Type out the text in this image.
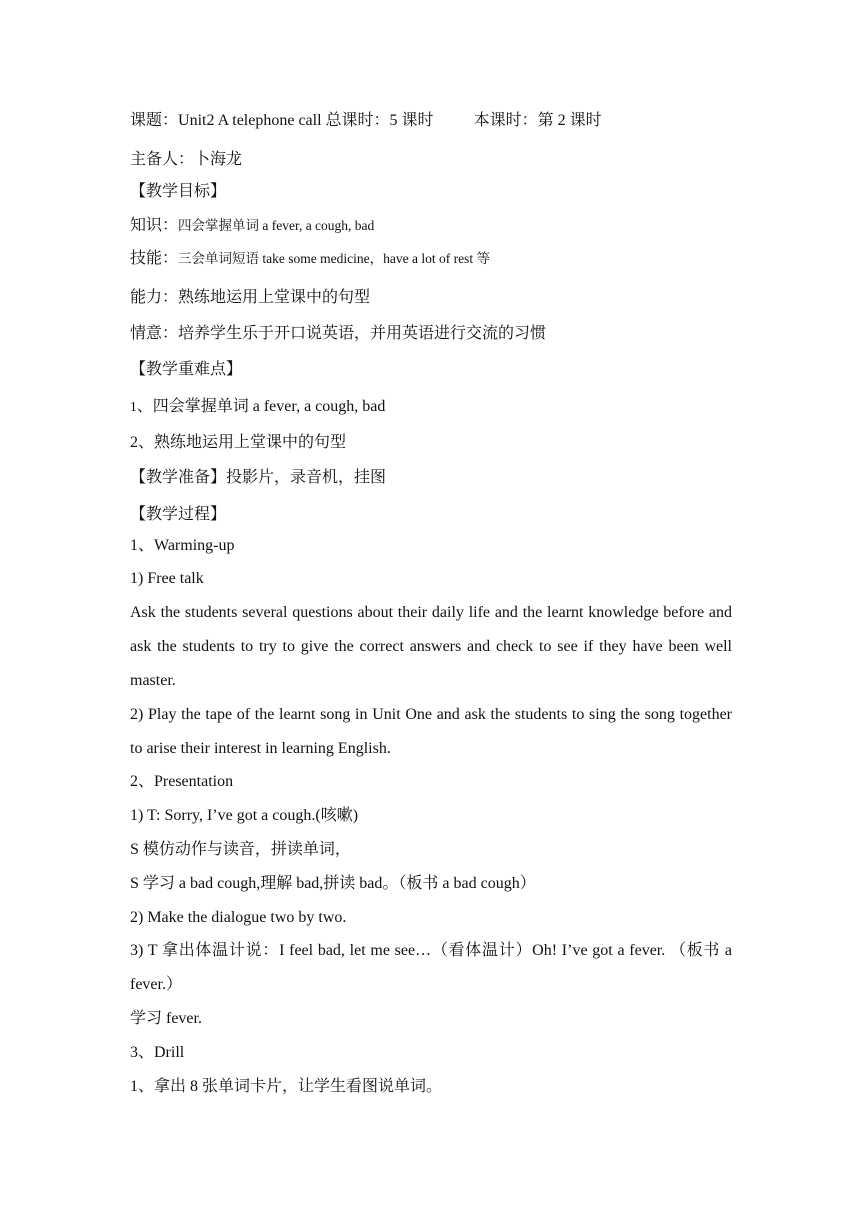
课题：Unit2 A telephone call 总课时：5 课时	本课时：第 2 课时
主备人：卜海龙
【教学目标】
知识：四会掌握单词 a fever, a cough, bad
技能：三会单词短语 take some medicine，have a lot of rest 等
能力：熟练地运用上堂课中的句型
情意：培养学生乐于开口说英语，并用英语进行交流的习惯
【教学重难点】
1、四会掌握单词 a fever, a cough, bad
2、熟练地运用上堂课中的句型
【教学准备】投影片，录音机，挂图
【教学过程】
1、Warming-up
1) Free talk
Ask the students several questions about their daily life and the learnt knowledge before and ask the students to try to give the correct answers and check to see if they have been well master.
2) Play the tape of the learnt song in Unit One and ask the students to sing the song together to arise their interest in learning English.
2、Presentation
1) T: Sorry, I’ve got a cough.(咳嗽)
S 模仿动作与读音，拼读单词，
S 学习 a bad cough,理解 bad,拼读 bad。（板书 a bad cough）
2) Make the dialogue two by two.
3) T 拿出体温计说：I feel bad, let me see…（看体温计）Oh! I’ve got a fever. （板书 a fever.）
学习 fever.
3、Drill
1、拿出 8 张单词卡片，让学生看图说单词。
